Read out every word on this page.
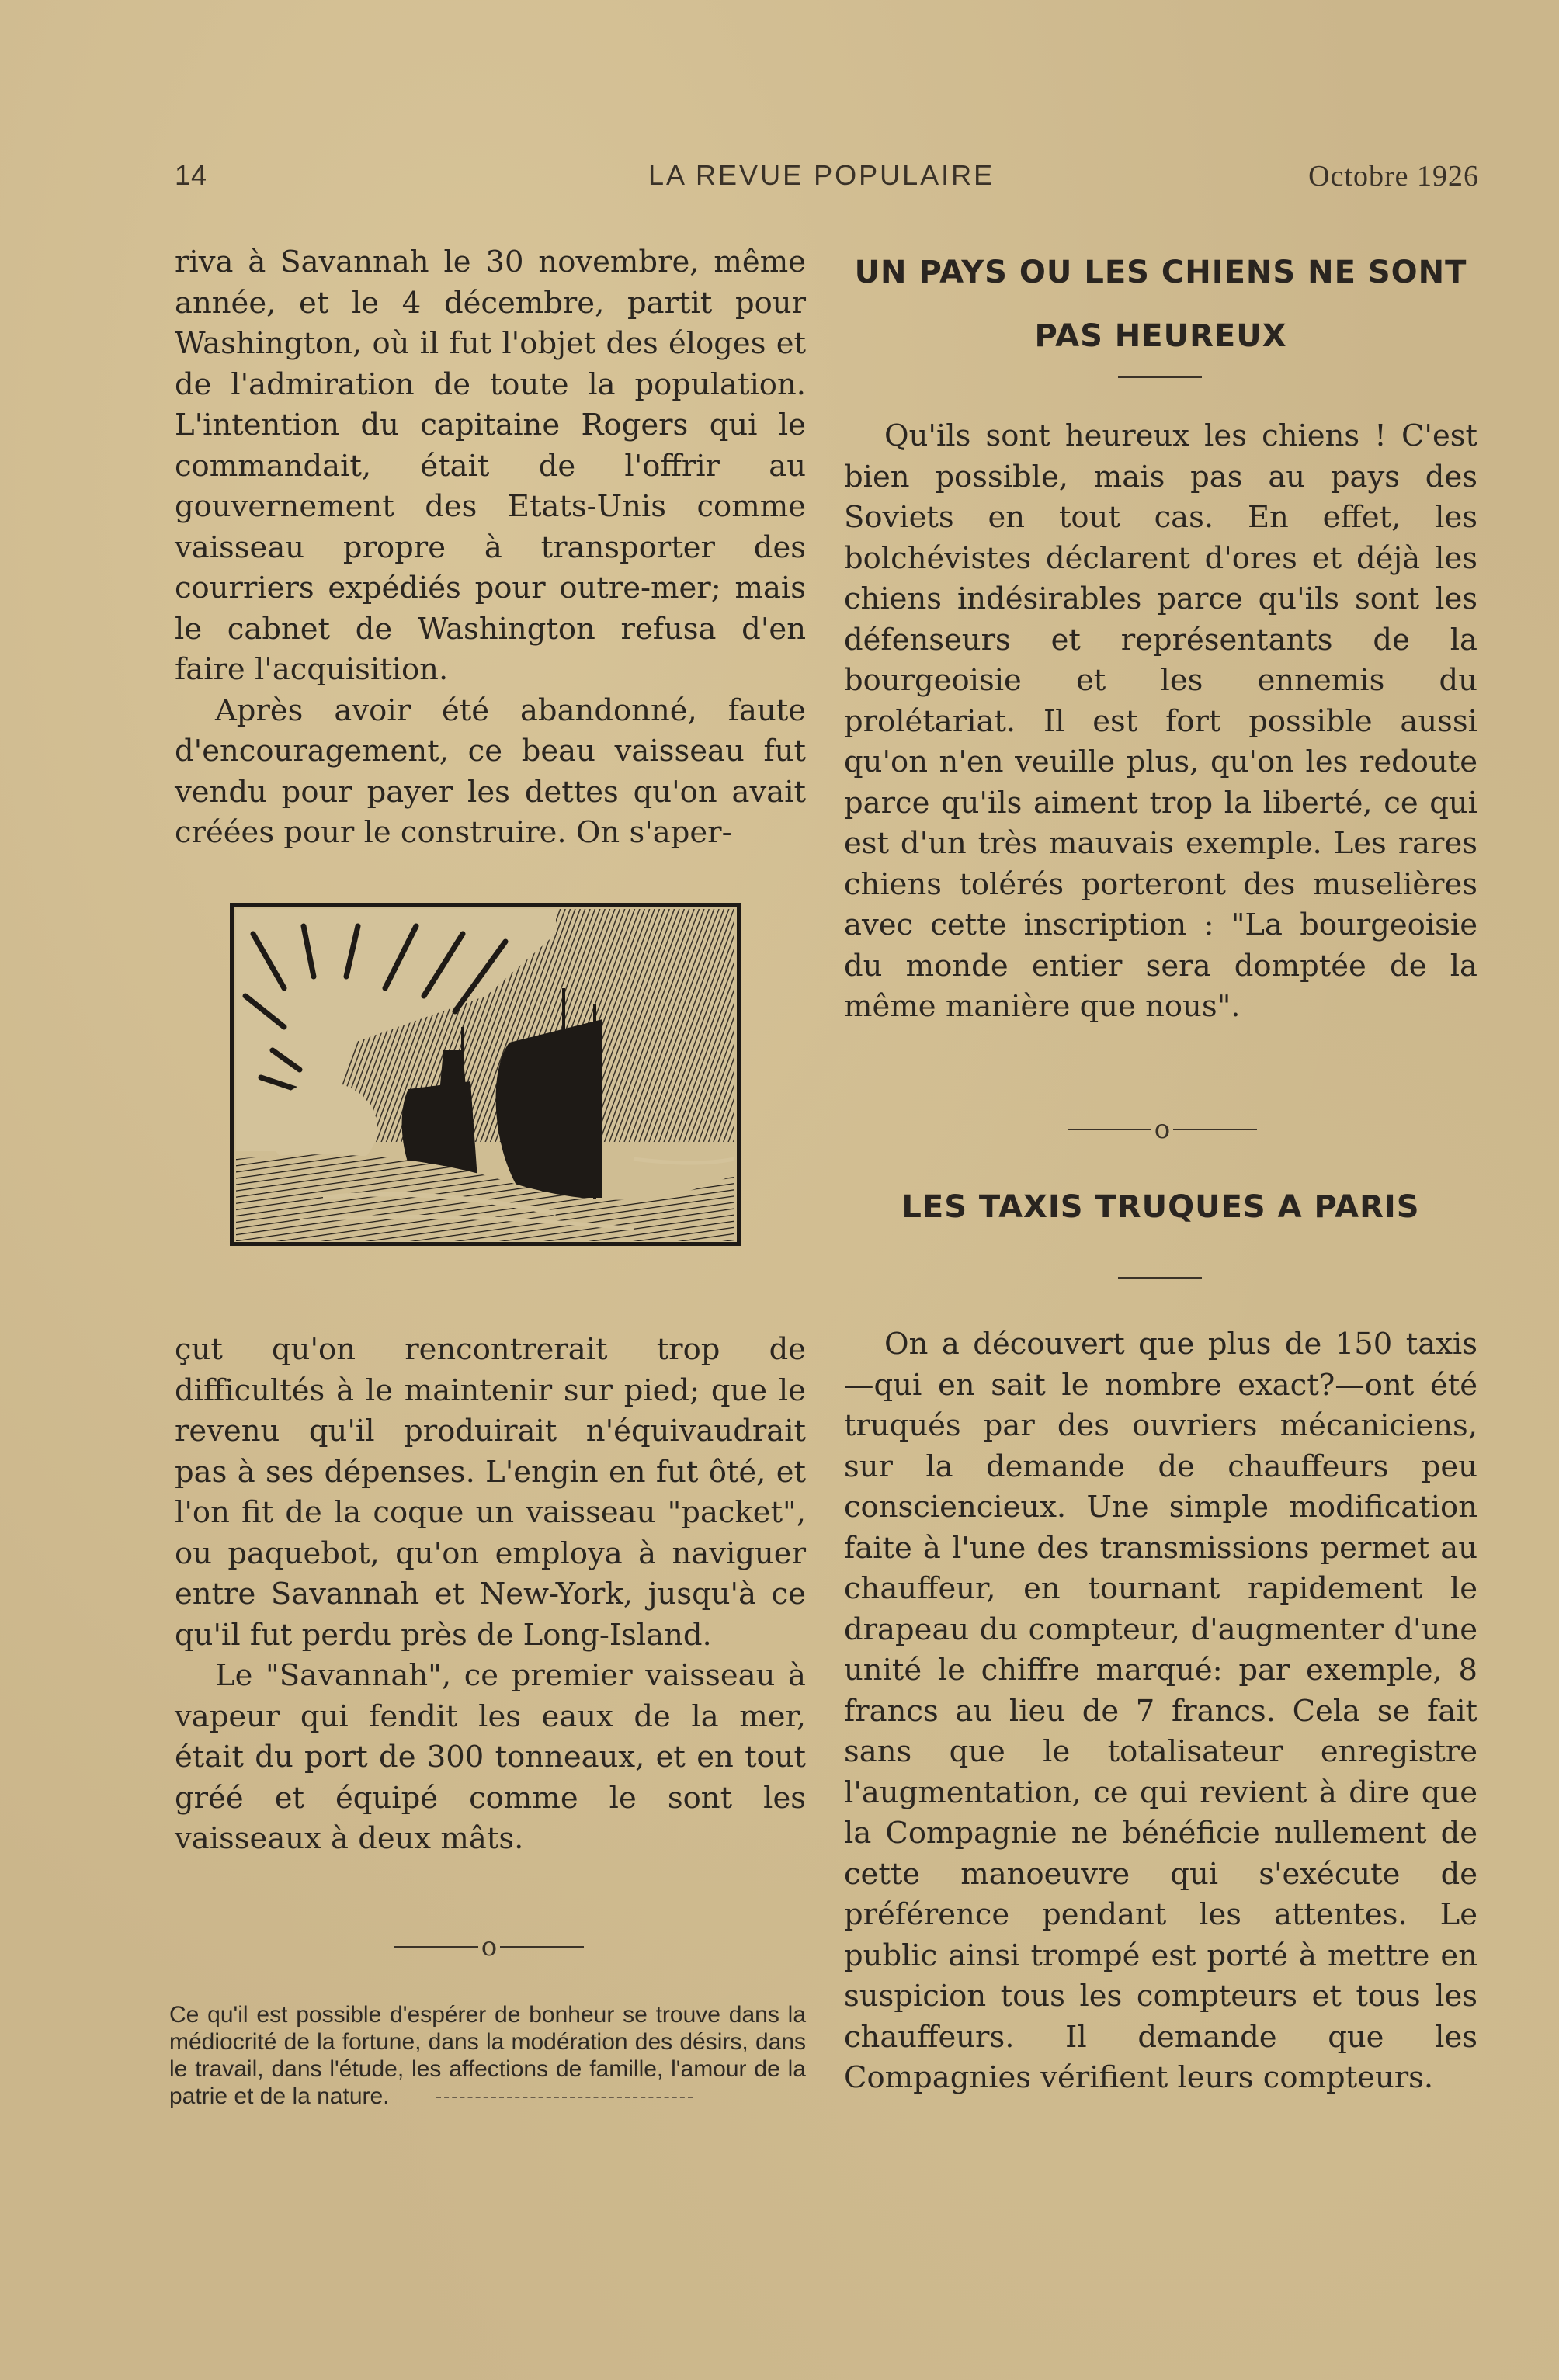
14	LA REVUE POPULAIRE	Octobre 1926

riva à Savannah le 30 novembre, même année, et le 4 décembre, partit pour Washington, où il fut l'objet des éloges et de l'admiration de toute la population. L'intention du capitaine Rogers qui le commandait, était de l'offrir au gouvernement des Etats-Unis comme vaisseau propre à transporter des courriers expédiés pour outre-mer; mais le cabnet de Washington refusa d'en faire l'acquisition.

Après avoir été abandonné, faute d'encouragement, ce beau vaisseau fut vendu pour payer les dettes qu'on avait créées pour le construire. On s'aper-

çut qu'on rencontrerait trop de difficultés à le maintenir sur pied; que le revenu qu'il produirait n'équivaudrait pas à ses dépenses. L'engin en fut ôté, et l'on fit de la coque un vaisseau "packet", ou paquebot, qu'on employa à naviguer entre Savannah et New-York, jusqu'à ce qu'il fut perdu près de Long-Island.

Le "Savannah", ce premier vaisseau à vapeur qui fendit les eaux de la mer, était du port de 300 tonneaux, et en tout gréé et équipé comme le sont les vaisseaux à deux mâts.

o
Ce qu'il est possible d'espérer de bonheur se trouve dans la médiocrité de la fortune, dans la modération des désirs, dans le travail, dans l'étude, les affections de famille, l'amour de la patrie et de la nature.
UN PAYS OU LES CHIENS NE SONT PAS HEUREUX

Qu'ils sont heureux les chiens ! C'est bien possible, mais pas au pays des Soviets en tout cas. En effet, les bolchévistes déclarent d'ores et déjà les chiens indésirables parce qu'ils sont les défenseurs et représentants de la bourgeoisie et les ennemis du prolétariat. Il est fort possible aussi qu'on n'en veuille plus, qu'on les redoute parce qu'ils aiment trop la liberté, ce qui est d'un très mauvais exemple. Les rares chiens tolérés porteront des muselières avec cette inscription : "La bourgeoisie du monde entier sera domptée de la même manière que nous".

o
LES TAXIS TRUQUES A PARIS

On a découvert que plus de 150 taxis—qui en sait le nombre exact?—ont été truqués par des ouvriers mécaniciens, sur la demande de chauffeurs peu consciencieux. Une simple modification faite à l'une des transmissions permet au chauffeur, en tournant rapidement le drapeau du compteur, d'augmenter d'une unité le chiffre marqué: par exemple, 8 francs au lieu de 7 francs. Cela se fait sans que le totalisateur enregistre l'augmentation, ce qui revient à dire que la Compagnie ne bénéficie nullement de cette manoeuvre qui s'exécute de préférence pendant les attentes. Le public ainsi trompé est porté à mettre en suspicion tous les compteurs et tous les chauffeurs. Il demande que les Compagnies vérifient leurs compteurs.
